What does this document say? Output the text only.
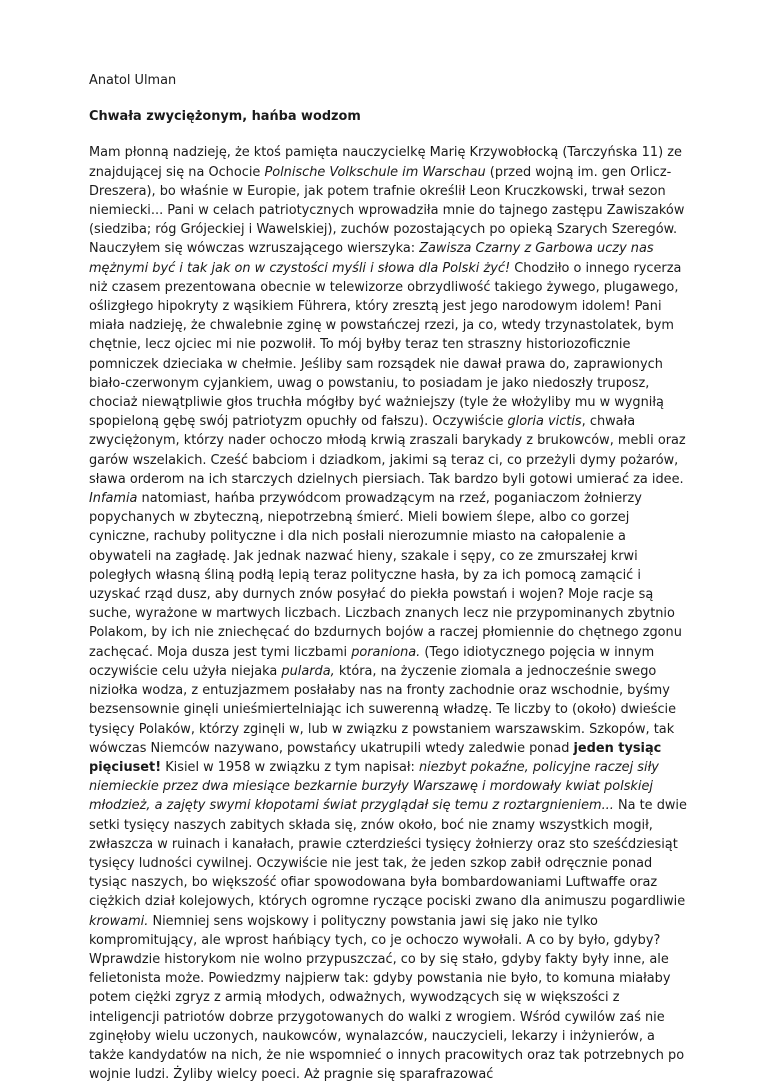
Anatol Ulman

Chwała zwyciężonym, hańba wodzom

Mam płonną nadzieję, że ktoś pamięta nauczycielkę Marię Krzywobłocką (Tarczyńska 11) ze znajdującej się na Ochocie Polnische Volkschule im Warschau (przed wojną im. gen Orlicz-Dreszera), bo właśnie w Europie, jak potem trafnie określił Leon Kruczkowski, trwał sezon niemiecki... Pani w celach patriotycznych wprowadziła mnie do tajnego zastępu Zawiszaków (siedziba; róg Grójeckiej i Wawelskiej), zuchów pozostających po opieką Szarych Szeregów. Nauczyłem się wówczas wzruszającego wierszyka: Zawisza Czarny z Garbowa uczy nas mężnymi być i tak jak on w czystości myśli i słowa dla Polski żyć! Chodziło o innego rycerza niż czasem prezentowana obecnie w telewizorze obrzydliwość takiego żywego, plugawego, oślizgłego hipokryty z wąsikiem Führera, który zresztą jest jego narodowym idolem! Pani miała nadzieję, że chwalebnie zginę w powstańczej rzezi, ja co, wtedy trzynastolatek, bym chętnie, lecz ojciec mi nie pozwolił. To mój byłby teraz ten straszny historiozoficznie pomniczek dzieciaka w chełmie. Jeśliby sam rozsądek nie dawał prawa do, zaprawionych biało-czerwonym cyjankiem, uwag o powstaniu, to posiadam je jako niedoszły truposz, chociaż niewątpliwie głos truchła mógłby być ważniejszy (tyle że włożyliby mu w wygniłą spopieloną gębę swój patriotyzm opuchły od fałszu). Oczywiście gloria victis, chwała zwyciężonym, którzy nader ochoczo młodą krwią zraszali barykady z brukowców, mebli oraz garów wszelakich. Cześć babciom i dziadkom, jakimi są teraz ci, co przeżyli dymy pożarów, sława orderom na ich starczych dzielnych piersiach. Tak bardzo byli gotowi umierać za idee. Infamia natomiast, hańba przywódcom prowadzącym na rzeź, poganiaczom żołnierzy popychanych w zbyteczną, niepotrzebną śmierć. Mieli bowiem ślepe, albo co gorzej cyniczne, rachuby polityczne i dla nich posłali nierozumnie miasto na całopalenie a obywateli na zagładę. Jak jednak nazwać hieny, szakale i sępy, co ze zmurszałej krwi poległych własną śliną podłą lepią teraz polityczne hasła, by za ich pomocą zamącić i uzyskać rząd dusz, aby durnych znów posyłać do piekła powstań i wojen? Moje racje są suche, wyrażone w martwych liczbach. Liczbach znanych lecz nie przypominanych zbytnio Polakom, by ich nie zniechęcać do bzdurnych bojów a raczej płomiennie do chętnego zgonu zachęcać. Moja dusza jest tymi liczbami poraniona. (Tego idiotycznego pojęcia w innym oczywiście celu użyła niejaka pularda, która, na życzenie ziomala a jednocześnie swego niziołka wodza, z entuzjazmem posłałaby nas na fronty zachodnie oraz wschodnie, byśmy bezsensownie ginęli unieśmiertelniając ich suwerenną władzę. Te liczby to (około) dwieście tysięcy Polaków, którzy zginęli w, lub w związku z powstaniem warszawskim. Szkopów, tak wówczas Niemców nazywano, powstańcy ukatrupili wtedy zaledwie ponad jeden tysiąc pięciuset! Kisiel w 1958 w związku z tym napisał: niezbyt pokaźne, policyjne raczej siły niemieckie przez dwa miesiące bezkarnie burzyły Warszawę i mordowały kwiat polskiej młodzież, a zajęty swymi kłopotami świat przyglądał się temu z roztargnieniem... Na te dwie setki tysięcy naszych zabitych składa się, znów około, boć nie znamy wszystkich mogił, zwłaszcza w ruinach i kanałach, prawie czterdzieści tysięcy żołnierzy oraz sto sześćdziesiąt tysięcy ludności cywilnej. Oczywiście nie jest tak, że jeden szkop zabił odręcznie ponad tysiąc naszych, bo większość ofiar spowodowana była bombardowaniami Luftwaffe oraz ciężkich dział kolejowych, których ogromne ryczące pociski zwano dla animuszu pogardliwie krowami. Niemniej sens wojskowy i polityczny powstania jawi się jako nie tylko kompromitujący, ale wprost hańbiący tych, co je ochoczo wywołali. A co by było, gdyby? Wprawdzie historykom nie wolno przypuszczać, co by się stało, gdyby fakty były inne, ale felietonista może. Powiedzmy najpierw tak: gdyby powstania nie było, to komuna miałaby potem ciężki zgryz z armią młodych, odważnych, wywodzących się w większości z inteligencji patriotów dobrze przygotowanych do walki z wrogiem. Wśród cywilów zaś nie zginęłoby wielu uczonych, naukowców, wynalazców, nauczycieli, lekarzy i inżynierów, a także kandydatów na nich, że nie wspomnieć o innych pracowitych oraz tak potrzebnych po wojnie ludzi. Żyliby wielcy poeci. Aż pragnie się sparafrazować
